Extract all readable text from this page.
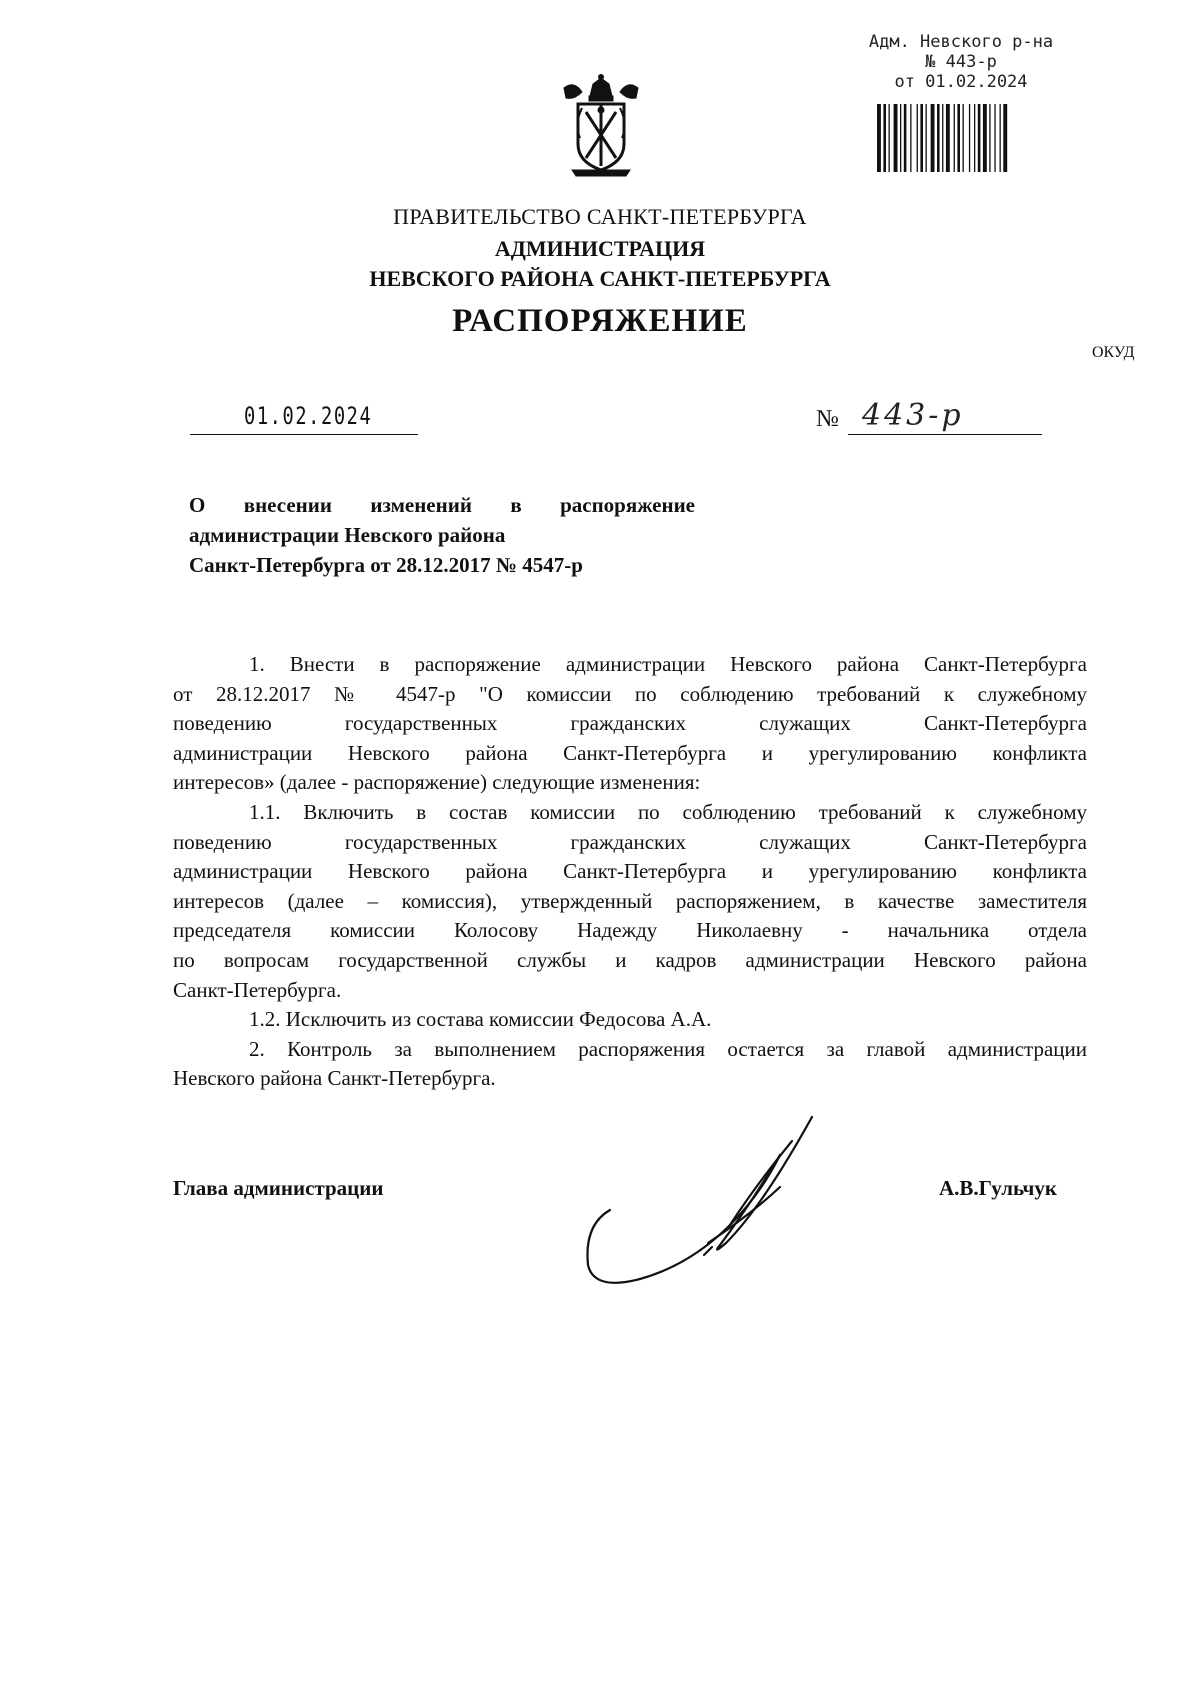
Адм. Невского р-на
№ 443-р
от 01.02.2024
ПРАВИТЕЛЬСТВО САНКТ-ПЕТЕРБУРГА
АДМИНИСТРАЦИЯ
НЕВСКОГО РАЙОНА САНКТ-ПЕТЕРБУРГА
РАСПОРЯЖЕНИЕ
ОКУД
01.02.2024	№ 443-р
О внесении изменений в распоряжение
администрации Невского района
Санкт-Петербурга от 28.12.2017 № 4547-р
1. Внести в распоряжение администрации Невского района Санкт-Петербурга
от 28.12.2017 № 4547-р "О комиссии по соблюдению требований к служебному
поведению государственных гражданских служащих Санкт-Петербурга
администрации Невского района Санкт-Петербурга и урегулированию конфликта
интересов» (далее - распоряжение) следующие изменения:
1.1. Включить в состав комиссии по соблюдению требований к служебному
поведению государственных гражданских служащих Санкт-Петербурга
администрации Невского района Санкт-Петербурга и урегулированию конфликта
интересов (далее – комиссия), утвержденный распоряжением, в качестве заместителя
председателя комиссии Колосову Надежду Николаевну - начальника отдела
по вопросам государственной службы и кадров администрации Невского района
Санкт-Петербурга.
1.2. Исключить из состава комиссии Федосова А.А.
2. Контроль за выполнением распоряжения остается за главой администрации
Невского района Санкт-Петербурга.
Глава администрации	А.В.Гульчук
